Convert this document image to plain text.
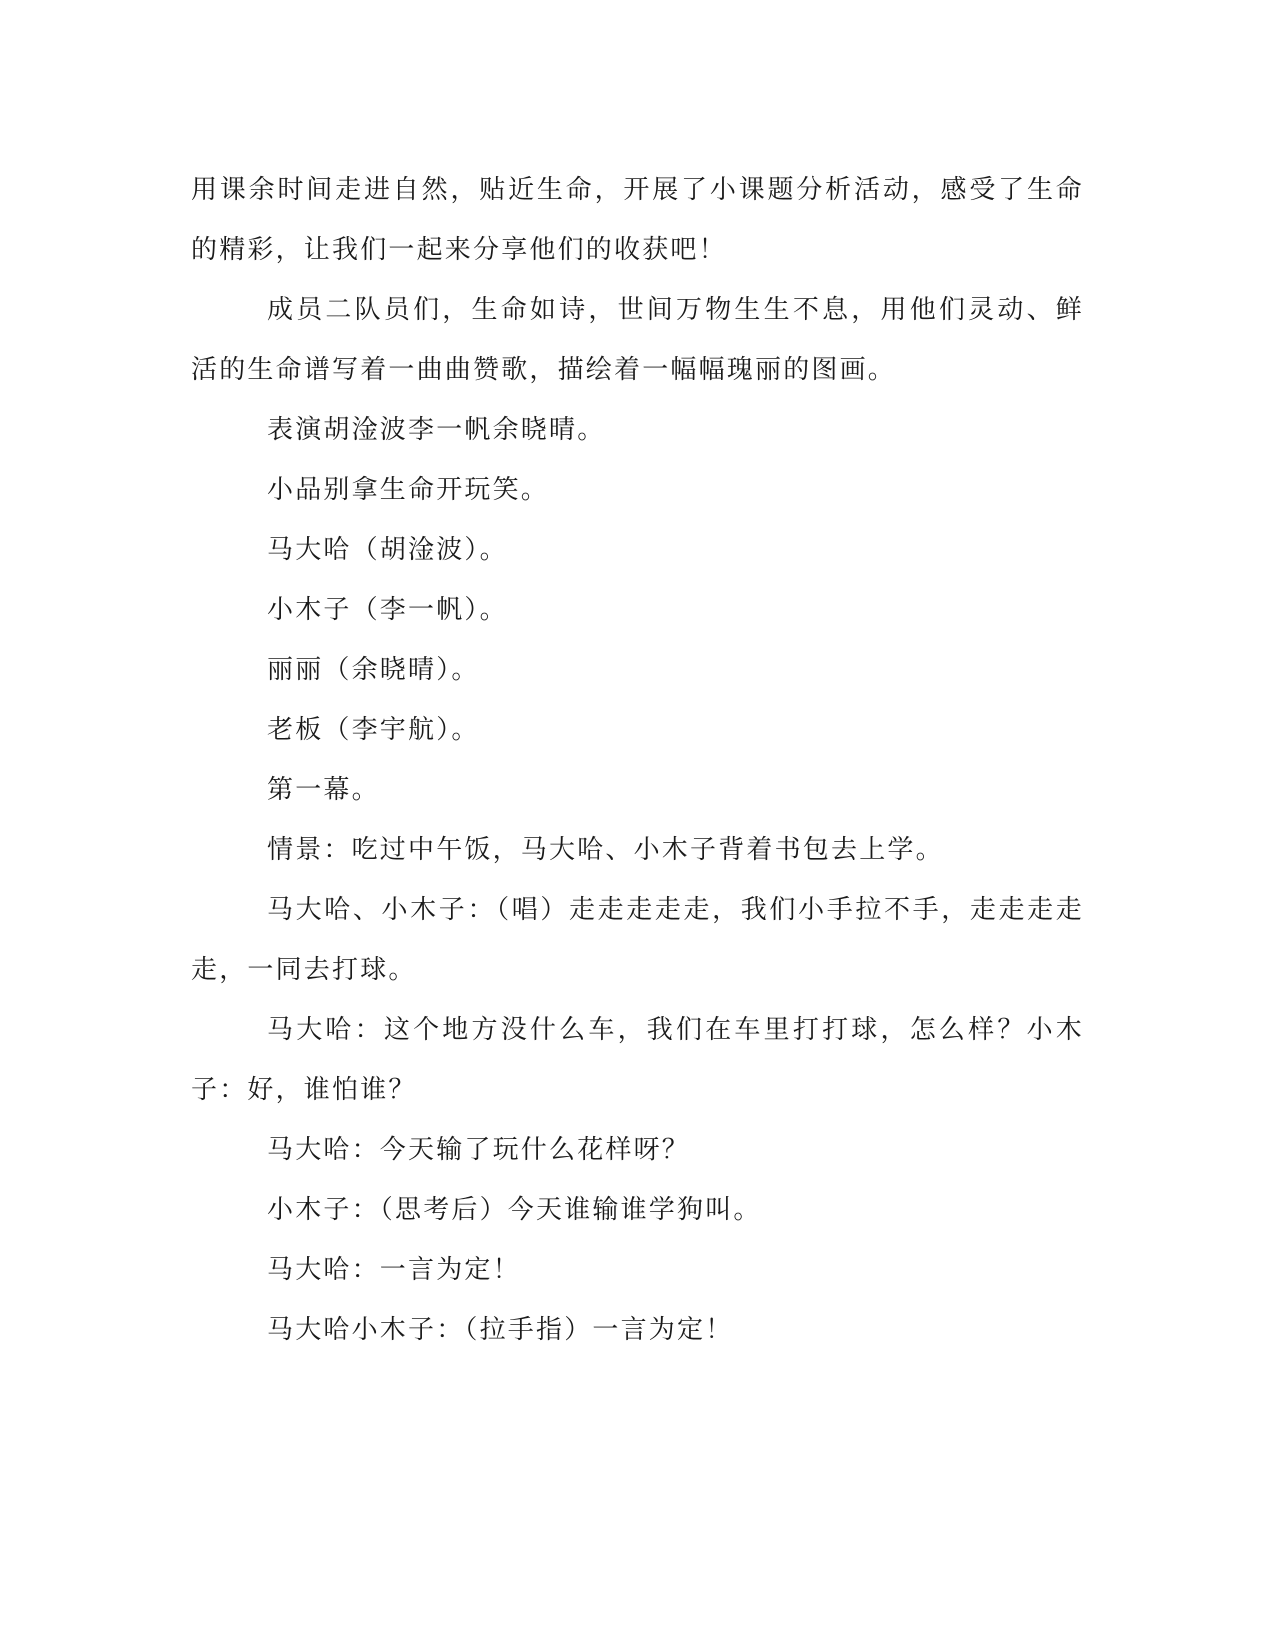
用课余时间走进自然，贴近生命，开展了小课题分析活动，感受了生命的精彩，让我们一起来分享他们的收获吧！

成员二队员们，生命如诗，世间万物生生不息，用他们灵动、鲜活的生命谱写着一曲曲赞歌，描绘着一幅幅瑰丽的图画。

表演胡淦波李一帆余晓晴。

小品别拿生命开玩笑。

马大哈（胡淦波）。

小木子（李一帆）。

丽丽（余晓晴）。

老板（李宇航）。

第一幕。

情景：吃过中午饭，马大哈、小木子背着书包去上学。

马大哈、小木子：（唱）走走走走走，我们小手拉不手，走走走走走，一同去打球。

马大哈：这个地方没什么车，我们在车里打打球，怎么样？小木子：好，谁怕谁？

马大哈：今天输了玩什么花样呀？

小木子：（思考后）今天谁输谁学狗叫。

马大哈：一言为定！

马大哈小木子：（拉手指）一言为定！
